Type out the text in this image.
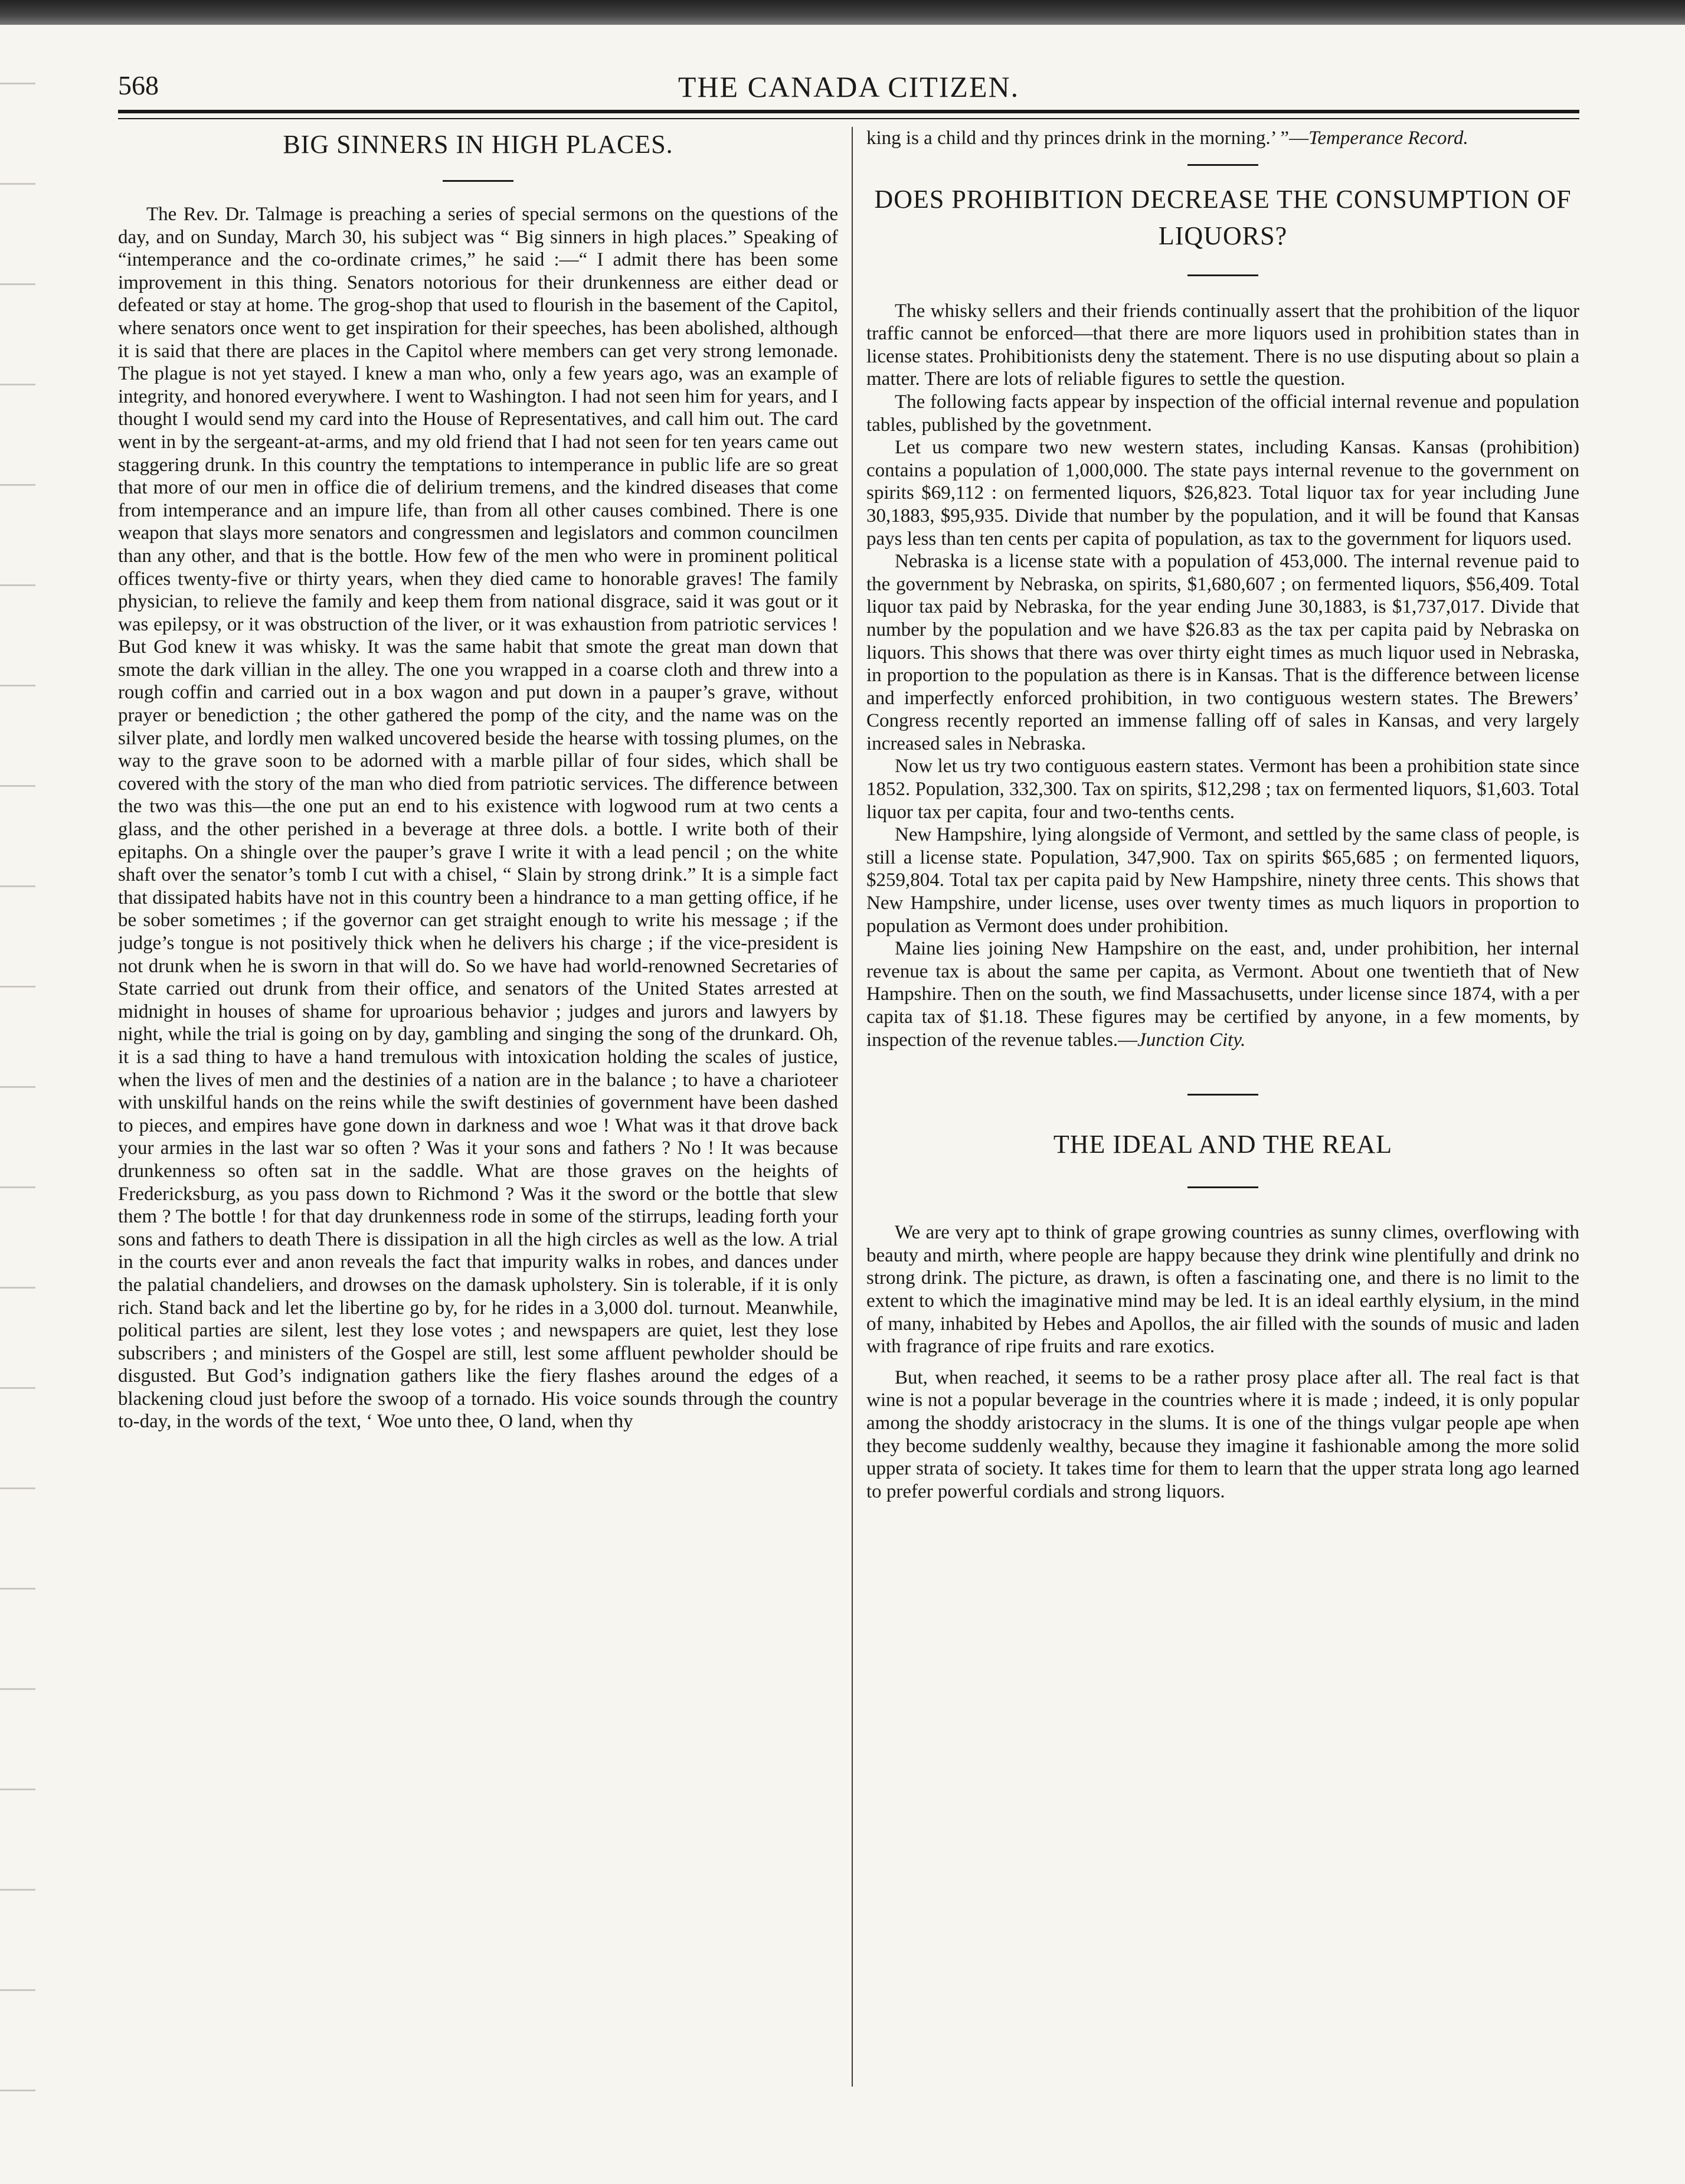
568	THE CANADA CITIZEN.
BIG SINNERS IN HIGH PLACES.

The Rev. Dr. Talmage is preaching a series of special sermons on the questions of the day, and on Sunday, March 30, his subject was “ Big sinners in high places.” Speaking of “intemperance and the co-ordinate crimes,” he said :—“ I admit there has been some improvement in this thing. Senators notorious for their drunkenness are either dead or defeated or stay at home. The grog-shop that used to flourish in the basement of the Capitol, where senators once went to get inspiration for their speeches, has been abolished, although it is said that there are places in the Capitol where members can get very strong lemonade. The plague is not yet stayed. I knew a man who, only a few years ago, was an example of integrity, and honored everywhere. I went to Washington. I had not seen him for years, and I thought I would send my card into the House of Representatives, and call him out. The card went in by the sergeant-at-arms, and my old friend that I had not seen for ten years came out staggering drunk. In this country the temptations to intemperance in public life are so great that more of our men in office die of delirium tremens, and the kindred diseases that come from intemperance and an impure life, than from all other causes combined. There is one weapon that slays more senators and congressmen and legislators and common councilmen than any other, and that is the bottle. How few of the men who were in prominent political offices twenty-five or thirty years, when they died came to honorable graves! The family physician, to relieve the family and keep them from national disgrace, said it was gout or it was epilepsy, or it was obstruction of the liver, or it was exhaustion from patriotic services ! But God knew it was whisky. It was the same habit that smote the great man down that smote the dark villian in the alley. The one you wrapped in a coarse cloth and threw into a rough coffin and carried out in a box wagon and put down in a pauper’s grave, without prayer or benediction ; the other gathered the pomp of the city, and the name was on the silver plate, and lordly men walked uncovered beside the hearse with tossing plumes, on the way to the grave soon to be adorned with a marble pillar of four sides, which shall be covered with the story of the man who died from patriotic services. The difference between the two was this—the one put an end to his existence with logwood rum at two cents a glass, and the other perished in a beverage at three dols. a bottle. I write both of their epitaphs. On a shingle over the pauper’s grave I write it with a lead pencil ; on the white shaft over the senator’s tomb I cut with a chisel, “ Slain by strong drink.” It is a simple fact that dissipated habits have not in this country been a hindrance to a man getting office, if he be sober sometimes ; if the governor can get straight enough to write his message ; if the judge’s tongue is not positively thick when he delivers his charge ; if the vice-president is not drunk when he is sworn in that will do. So we have had world-renowned Secretaries of State carried out drunk from their office, and senators of the United States arrested at midnight in houses of shame for uproarious behavior ; judges and jurors and lawyers by night, while the trial is going on by day, gambling and singing the song of the drunkard. Oh, it is a sad thing to have a hand tremulous with intoxication holding the scales of justice, when the lives of men and the destinies of a nation are in the balance ; to have a charioteer with unskilful hands on the reins while the swift destinies of government have been dashed to pieces, and empires have gone down in darkness and woe ! What was it that drove back your armies in the last war so often ? Was it your sons and fathers ? No ! It was because drunkenness so often sat in the saddle. What are those graves on the heights of Fredericksburg, as you pass down to Richmond ? Was it the sword or the bottle that slew them ? The bottle ! for that day drunkenness rode in some of the stirrups, leading forth your sons and fathers to death There is dissipation in all the high circles as well as the low. A trial in the courts ever and anon reveals the fact that impurity walks in robes, and dances under the palatial chandeliers, and drowses on the damask upholstery. Sin is tolerable, if it is only rich. Stand back and let the libertine go by, for he rides in a 3,000 dol. turnout. Meanwhile, political parties are silent, lest they lose votes ; and newspapers are quiet, lest they lose subscribers ; and ministers of the Gospel are still, lest some affluent pewholder should be disgusted. But God’s indignation gathers like the fiery flashes around the edges of a blackening cloud just before the swoop of a tornado. His voice sounds through the country to-day, in the words of the text, ‘ Woe unto thee, O land, when thy

king is a child and thy princes drink in the morning.’ ”—Temperance Record.

DOES PROHIBITION DECREASE THE CONSUMPTION OF LIQUORS?

The whisky sellers and their friends continually assert that the prohibition of the liquor traffic cannot be enforced—that there are more liquors used in prohibition states than in license states. Prohibitionists deny the statement. There is no use disputing about so plain a matter. There are lots of reliable figures to settle the question.

The following facts appear by inspection of the official internal revenue and population tables, published by the govetnment.

Let us compare two new western states, including Kansas. Kansas (prohibition) contains a population of 1,000,000. The state pays internal revenue to the government on spirits $69,112 : on fermented liquors, $26,823. Total liquor tax for year including June 30,1883, $95,935. Divide that number by the population, and it will be found that Kansas pays less than ten cents per capita of population, as tax to the government for liquors used.

Nebraska is a license state with a population of 453,000. The internal revenue paid to the government by Nebraska, on spirits, $1,680,607 ; on fermented liquors, $56,409. Total liquor tax paid by Nebraska, for the year ending June 30,1883, is $1,737,017. Divide that number by the population and we have $26.83 as the tax per capita paid by Nebraska on liquors. This shows that there was over thirty eight times as much liquor used in Nebraska, in proportion to the population as there is in Kansas. That is the difference between license and imperfectly enforced prohibition, in two contiguous western states. The Brewers’ Congress recently reported an immense falling off of sales in Kansas, and very largely increased sales in Nebraska.

Now let us try two contiguous eastern states. Vermont has been a prohibition state since 1852. Population, 332,300. Tax on spirits, $12,298 ; tax on fermented liquors, $1,603. Total liquor tax per capita, four and two-tenths cents.

New Hampshire, lying alongside of Vermont, and settled by the same class of people, is still a license state. Population, 347,900. Tax on spirits $65,685 ; on fermented liquors, $259,804. Total tax per capita paid by New Hampshire, ninety three cents. This shows that New Hampshire, under license, uses over twenty times as much liquors in proportion to population as Vermont does under prohibition.

Maine lies joining New Hampshire on the east, and, under prohibition, her internal revenue tax is about the same per capita, as Vermont. About one twentieth that of New Hampshire. Then on the south, we find Massachusetts, under license since 1874, with a per capita tax of $1.18. These figures may be certified by anyone, in a few moments, by inspection of the revenue tables.—Junction City.

THE IDEAL AND THE REAL

We are very apt to think of grape growing countries as sunny climes, overflowing with beauty and mirth, where people are happy because they drink wine plentifully and drink no strong drink. The picture, as drawn, is often a fascinating one, and there is no limit to the extent to which the imaginative mind may be led. It is an ideal earthly elysium, in the mind of many, inhabited by Hebes and Apollos, the air filled with the sounds of music and laden with fragrance of ripe fruits and rare exotics.

But, when reached, it seems to be a rather prosy place after all. The real fact is that wine is not a popular beverage in the countries where it is made ; indeed, it is only popular among the shoddy aristocracy in the slums. It is one of the things vulgar people ape when they become suddenly wealthy, because they imagine it fashionable among the more solid upper strata of society. It takes time for them to learn that the upper strata long ago learned to prefer powerful cordials and strong liquors.
